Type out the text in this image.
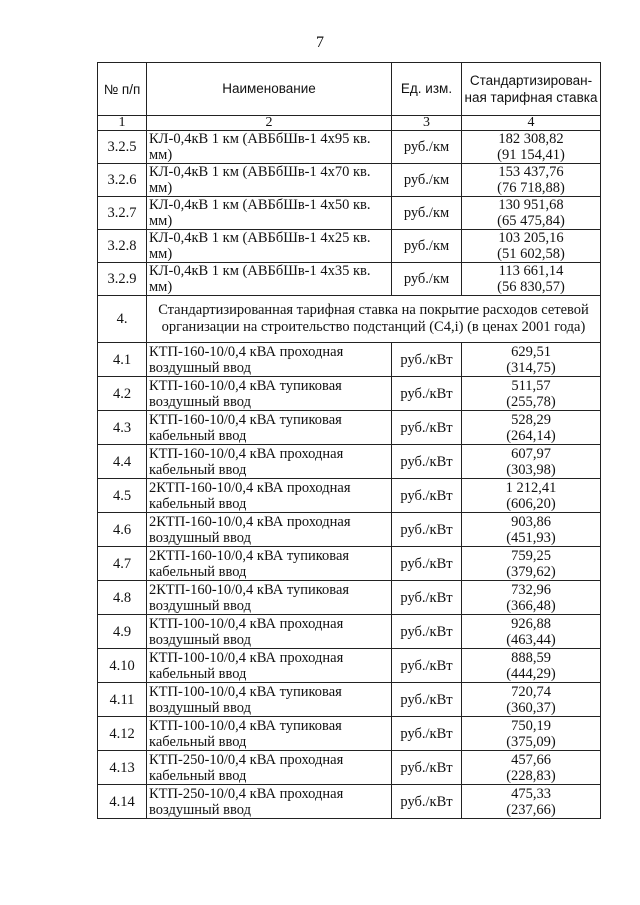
7
№ п/п	Наименование	Ед. изм.	Стандартизирован-ная тарифная ставка
1	2	3	4
3.2.5	КЛ-0,4кВ 1 км (АВБбШв-1 4х95 кв. мм)	руб./км	182 308,82
(91 154,41)

3.2.6	КЛ-0,4кВ 1 км (АВБбШв-1 4х70 кв. мм)	руб./км	153 437,76
(76 718,88)

3.2.7	КЛ-0,4кВ 1 км (АВБбШв-1 4х50 кв. мм)	руб./км	130 951,68
(65 475,84)

3.2.8	КЛ-0,4кВ 1 км (АВБбШв-1 4х25 кв. мм)	руб./км	103 205,16
(51 602,58)

3.2.9	КЛ-0,4кВ 1 км (АВБбШв-1 4х35 кв. мм)	руб./км	113 661,14
(56 830,57)

4.	Стандартизированная тарифная ставка на покрытие расходов сетевой организации на строительство подстанций (С4,i) (в ценах 2001 года)		
4.1	КТП-160-10/0,4 кВА проходная воздушный ввод	руб./кВт	629,51
(314,75)

4.2	КТП-160-10/0,4 кВА тупиковая воздушный ввод	руб./кВт	511,57
(255,78)

4.3	КТП-160-10/0,4 кВА тупиковая кабельный ввод	руб./кВт	528,29
(264,14)

4.4	КТП-160-10/0,4 кВА проходная кабельный ввод	руб./кВт	607,97
(303,98)

4.5	2КТП-160-10/0,4 кВА проходная кабельный ввод	руб./кВт	1 212,41
(606,20)

4.6	2КТП-160-10/0,4 кВА проходная воздушный ввод	руб./кВт	903,86
(451,93)

4.7	2КТП-160-10/0,4 кВА тупиковая кабельный ввод	руб./кВт	759,25
(379,62)

4.8	2КТП-160-10/0,4 кВА тупиковая воздушный ввод	руб./кВт	732,96
(366,48)

4.9	КТП-100-10/0,4 кВА проходная воздушный ввод	руб./кВт	926,88
(463,44)

4.10	КТП-100-10/0,4 кВА проходная кабельный ввод	руб./кВт	888,59
(444,29)

4.11	КТП-100-10/0,4 кВА тупиковая воздушный ввод	руб./кВт	720,74
(360,37)

4.12	КТП-100-10/0,4 кВА тупиковая кабельный ввод	руб./кВт	750,19
(375,09)

4.13	КТП-250-10/0,4 кВА проходная кабельный ввод	руб./кВт	457,66
(228,83)

4.14	КТП-250-10/0,4 кВА проходная воздушный ввод	руб./кВт	475,33
(237,66)
